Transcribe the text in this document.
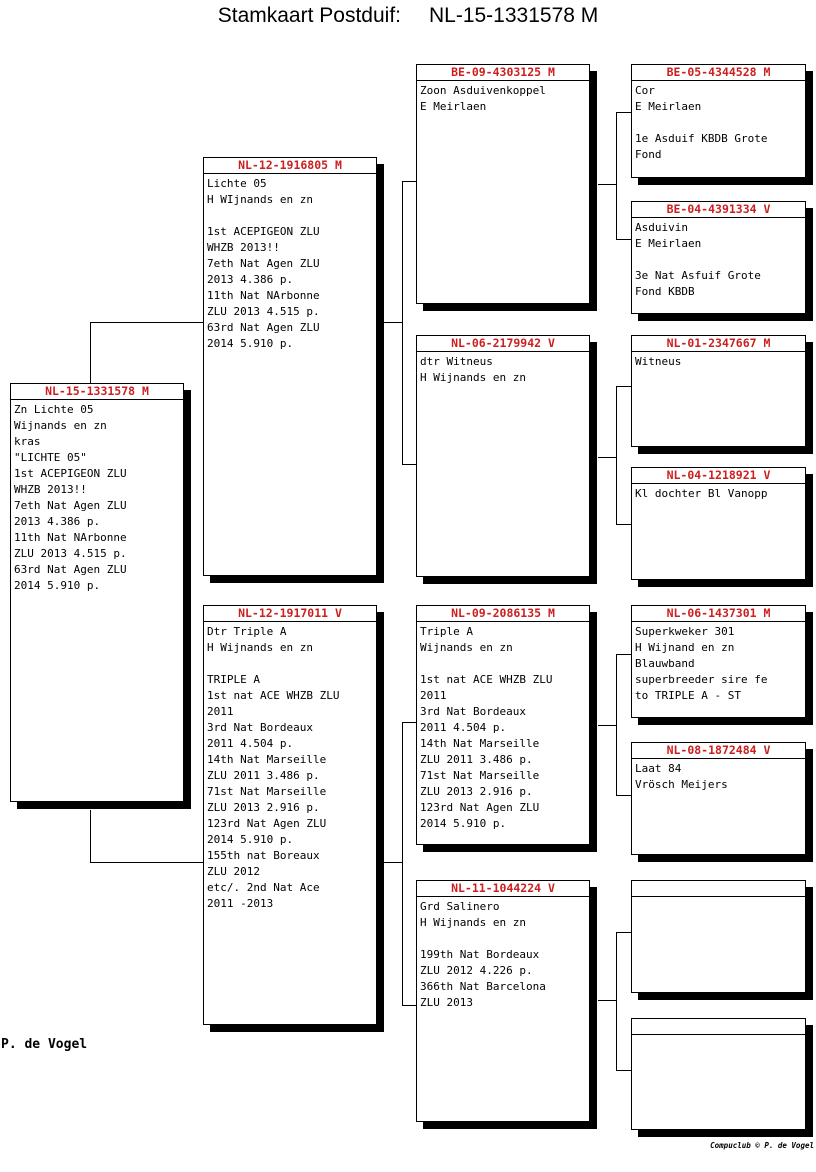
Stamkaart Postduif: NL-15-1331578 M
NL-15-1331578 M
Zn Lichte 05
Wijnands en zn
kras
"LICHTE 05"
1st ACEPIGEON ZLU
WHZB 2013!!
7eth Nat Agen ZLU
2013 4.386 p.
11th Nat NArbonne
ZLU 2013 4.515 p.
63rd Nat Agen ZLU
2014 5.910 p.
NL-12-1916805 M
Lichte 05
H WIjnands en zn
1st ACEPIGEON ZLU
WHZB 2013!!
7eth Nat Agen ZLU
2013 4.386 p.
11th Nat NArbonne
ZLU 2013 4.515 p.
63rd Nat Agen ZLU
2014 5.910 p.
NL-12-1917011 V
Dtr Triple A
H Wijnands en zn
TRIPLE A
1st nat ACE WHZB ZLU
2011
3rd Nat Bordeaux
2011 4.504 p.
14th Nat Marseille
ZLU 2011 3.486 p.
71st Nat Marseille
ZLU 2013 2.916 p.
123rd Nat Agen ZLU
2014 5.910 p.
155th nat Boreaux
ZLU 2012
etc/. 2nd Nat Ace
2011 -2013
BE-09-4303125 M
Zoon Asduivenkoppel
E Meirlaen
NL-06-2179942 V
dtr Witneus
H Wijnands en zn
NL-09-2086135 M
Triple A
Wijnands en zn
1st nat ACE WHZB ZLU
2011
3rd Nat Bordeaux
2011 4.504 p.
14th Nat Marseille
ZLU 2011 3.486 p.
71st Nat Marseille
ZLU 2013 2.916 p.
123rd Nat Agen ZLU
2014 5.910 p.
NL-11-1044224 V
Grd Salinero
H Wijnands en zn
199th Nat Bordeaux
ZLU 2012 4.226 p.
366th Nat Barcelona
ZLU 2013
BE-05-4344528 M
Cor
E Meirlaen
1e Asduif KBDB Grote
Fond
BE-04-4391334 V
Asduivin
E Meirlaen
3e Nat Asfuif Grote
Fond KBDB
NL-01-2347667 M
Witneus
NL-04-1218921 V
Kl dochter Bl Vanopp
NL-06-1437301 M
Superkweker 301
H Wijnand en zn
Blauwband
superbreeder sire fe
to TRIPLE A - ST
NL-08-1872484 V
Laat 84
Vrösch Meijers
P. de Vogel
Compuclub © P. de Vogel
